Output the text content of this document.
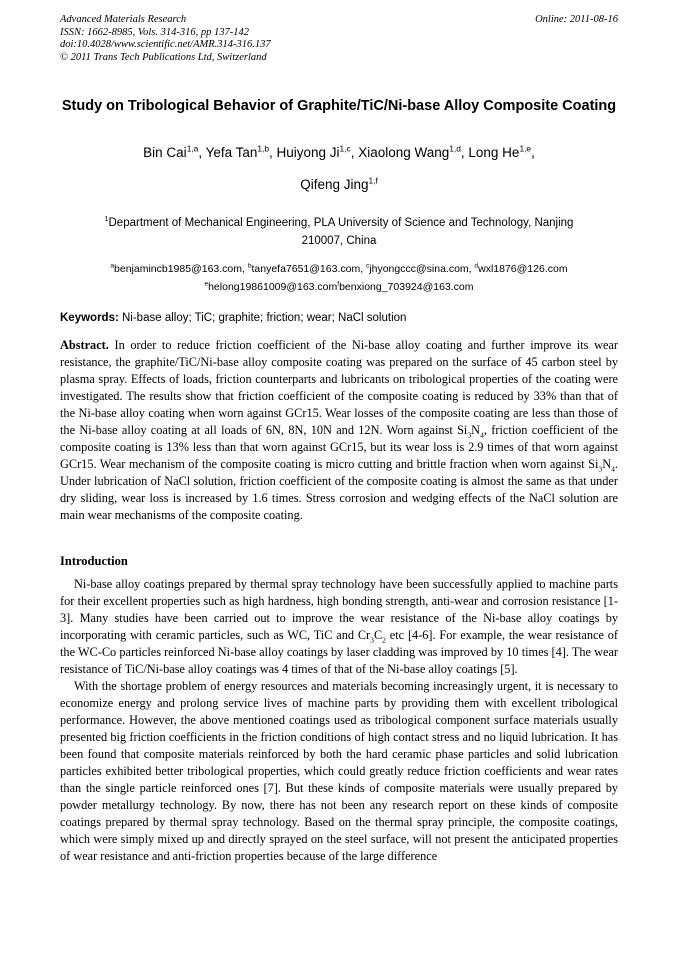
Advanced Materials Research
ISSN: 1662-8985, Vols. 314-316, pp 137-142
doi:10.4028/www.scientific.net/AMR.314-316.137
© 2011 Trans Tech Publications Ltd, Switzerland
Online: 2011-08-16
Study on Tribological Behavior of Graphite/TiC/Ni-base Alloy Composite Coating
Bin Cai$^{1,a}$, Yefa Tan$^{1,b}$, Huiyong Ji$^{1,c}$, Xiaolong Wang$^{1,d}$, Long He$^{1,e}$,
Qifeng Jing$^{1,f}$
$^1$Department of Mechanical Engineering, PLA University of Science and Technology, Nanjing 210007, China
$^a$benjamincb1985@163.com, $^b$tanyefa7651@163.com, $^c$jhyongccc@sina.com, $^d$wxl1876@126.com
$^e$helong19861009@163.com$^f$benxiong_703924@163.com

Keywords: Ni-base alloy; TiC; graphite; friction; wear; NaCl solution

Abstract. In order to reduce friction coefficient of the Ni-base alloy coating and further improve its wear resistance, the graphite/TiC/Ni-base alloy composite coating was prepared on the surface of 45 carbon steel by plasma spray. Effects of loads, friction counterparts and lubricants on tribological properties of the coating were investigated. The results show that friction coefficient of the composite coating is reduced by 33% than that of the Ni-base alloy coating when worn against GCr15. Wear losses of the composite coating are less than those of the Ni-base alloy coating at all loads of 6N, 8N, 10N and 12N. Worn against $Si_3N_4$, friction coefficient of the composite coating is 13% less than that worn against GCr15, but its wear loss is 2.9 times of that worn against GCr15. Wear mechanism of the composite coating is micro cutting and brittle fraction when worn against $Si_3N_4$. Under lubrication of NaCl solution, friction coefficient of the composite coating is almost the same as that under dry sliding, wear loss is increased by 1.6 times. Stress corrosion and wedging effects of the NaCl solution are main wear mechanisms of the composite coating.

Introduction

Ni-base alloy coatings prepared by thermal spray technology have been successfully applied to machine parts for their excellent properties such as high hardness, high bonding strength, anti-wear and corrosion resistance [1-3]. Many studies have been carried out to improve the wear resistance of the Ni-base alloy coatings by incorporating with ceramic particles, such as WC, TiC and $Cr_3C_2$ etc [4-6]. For example, the wear resistance of the WC-Co particles reinforced Ni-base alloy coatings by laser cladding was improved by 10 times [4]. The wear resistance of TiC/Ni-base alloy coatings was 4 times of that of the Ni-base alloy coatings [5].

With the shortage problem of energy resources and materials becoming increasingly urgent, it is necessary to economize energy and prolong service lives of machine parts by providing them with excellent tribological performance. However, the above mentioned coatings used as tribological component surface materials usually presented big friction coefficients in the friction conditions of high contact stress and no liquid lubrication. It has been found that composite materials reinforced by both the hard ceramic phase particles and solid lubrication particles exhibited better tribological properties, which could greatly reduce friction coefficients and wear rates than the single particle reinforced ones [7]. But these kinds of composite materials were usually prepared by powder metallurgy technology. By now, there has not been any research report on these kinds of composite coatings prepared by thermal spray technology. Based on the thermal spray principle, the composite coatings, which were simply mixed up and directly sprayed on the steel surface, will not present the anticipated properties of wear resistance and anti-friction properties because of the large difference
